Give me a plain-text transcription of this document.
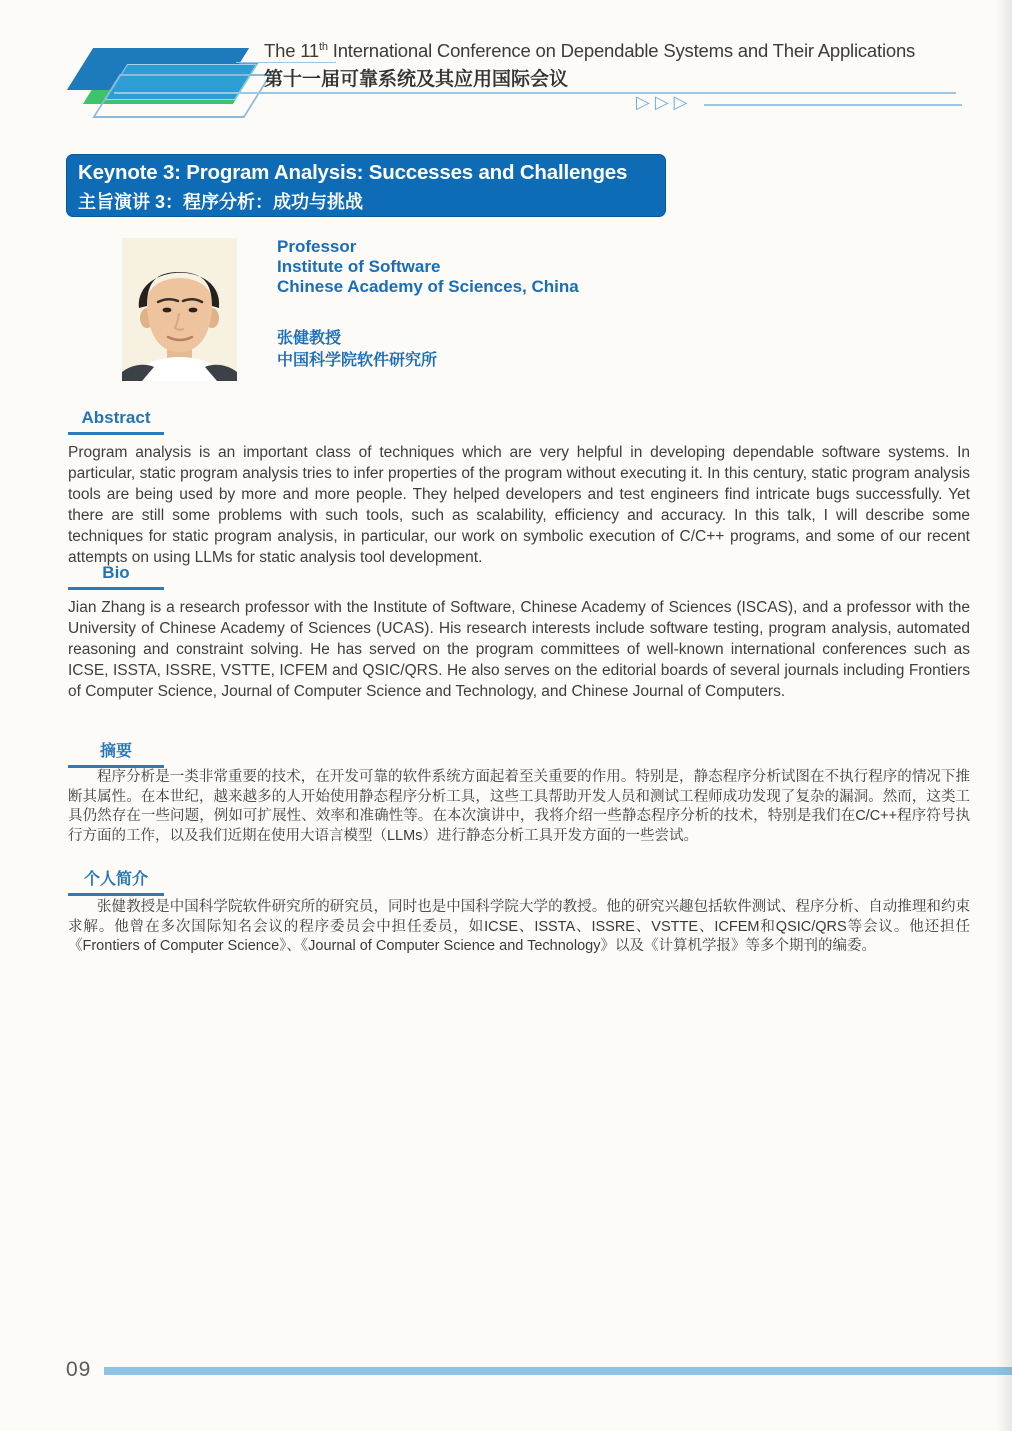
The 11th International Conference on Dependable Systems and Their Applications
第十一届可靠系统及其应用国际会议
▷▷▷
Keynote 3: Program Analysis: Successes and Challenges
主旨演讲 3：程序分析：成功与挑战
Professor
Institute of Software
Chinese Academy of Sciences, China
张健教授
中国科学院软件研究所
Abstract
Program analysis is an important class of techniques which are very helpful in developing dependable software systems. In particular, static program analysis tries to infer properties of the program without executing it. In this century, static program analysis tools are being used by more and more people. They helped developers and test engineers find intricate bugs successfully. Yet there are still some problems with such tools, such as scalability, efficiency and accuracy. In this talk, I will describe some techniques for static program analysis, in particular, our work on symbolic execution of C/C++ programs, and some of our recent attempts on using LLMs for static analysis tool development.
Bio
Jian Zhang is a research professor with the Institute of Software, Chinese Academy of Sciences (ISCAS), and a professor with the University of Chinese Academy of Sciences (UCAS). His research interests include software testing, program analysis, automated reasoning and constraint solving. He has served on the program committees of well-known international conferences such as ICSE, ISSTA, ISSRE, VSTTE, ICFEM and QSIC/QRS. He also serves on the editorial boards of several journals including Frontiers of Computer Science, Journal of Computer Science and Technology, and Chinese Journal of Computers.
摘要
程序分析是一类非常重要的技术，在开发可靠的软件系统方面起着至关重要的作用。特别是，静态程序分析试图在不执行程序的情况下推断其属性。在本世纪，越来越多的人开始使用静态程序分析工具，这些工具帮助开发人员和测试工程师成功发现了复杂的漏洞。然而，这类工具仍然存在一些问题，例如可扩展性、效率和准确性等。在本次演讲中，我将介绍一些静态程序分析的技术，特别是我们在C/C++程序符号执行方面的工作，以及我们近期在使用大语言模型（LLMs）进行静态分析工具开发方面的一些尝试。
个人简介
张健教授是中国科学院软件研究所的研究员，同时也是中国科学院大学的教授。他的研究兴趣包括软件测试、程序分析、自动推理和约束求解。他曾在多次国际知名会议的程序委员会中担任委员，如ICSE、ISSTA、ISSRE、VSTTE、ICFEM和QSIC/QRS等会议。他还担任《Frontiers of Computer Science》、《Journal of Computer Science and Technology》以及《计算机学报》等多个期刊的编委。
09
